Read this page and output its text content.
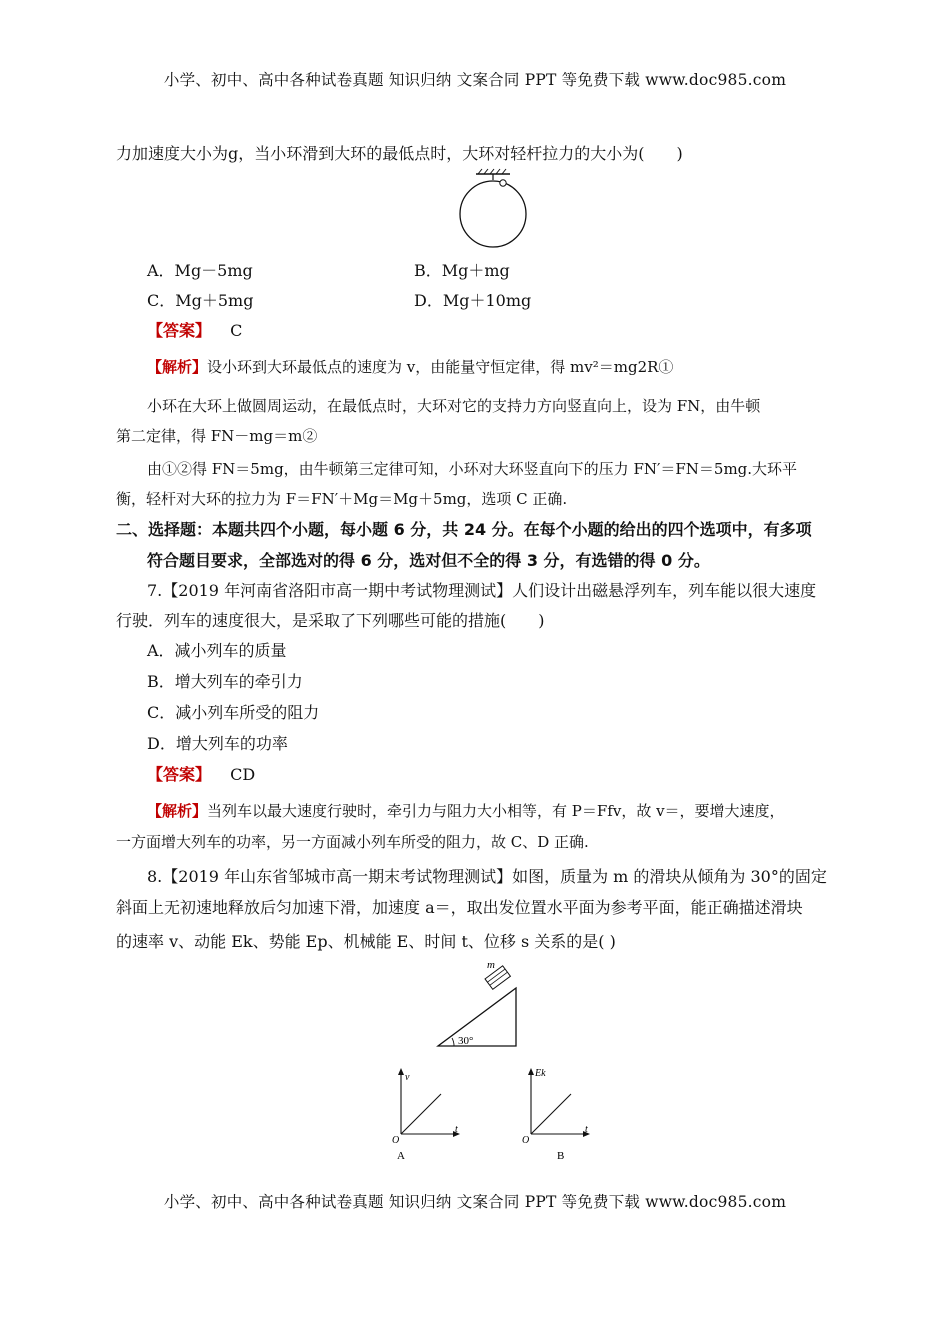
小学、初中、高中各种试卷真题 知识归纳 文案合同 PPT 等免费下载 www.doc985.com
力加速度大小为g，当小环滑到大环的最低点时，大环对轻杆拉力的大小为(　　)
A．Mg－5mg	B．Mg＋mg
C．Mg＋5mg	D．Mg＋10mg
【答案】 C
【解析】设小环到大环最低点的速度为 v，由能量守恒定律，得 mv²＝mg2R①
小环在大环上做圆周运动，在最低点时，大环对它的支持力方向竖直向上，设为 FN，由牛顿
第二定律，得 FN－mg＝m②
由①②得 FN＝5mg，由牛顿第三定律可知，小环对大环竖直向下的压力 FN′＝FN＝5mg.大环平
衡，轻杆对大环的拉力为 F＝FN′＋Mg＝Mg＋5mg，选项 C 正确.
二、选择题：本题共四个小题，每小题 6 分，共 24 分。在每个小题的给出的四个选项中，有多项
符合题目要求，全部选对的得 6 分，选对但不全的得 3 分，有选错的得 0 分。
7.【2019 年河南省洛阳市高一期中考试物理测试】人们设计出磁悬浮列车，列车能以很大速度
行驶．列车的速度很大，是采取了下列哪些可能的措施(　　)
A．减小列车的质量
B．增大列车的牵引力
C．减小列车所受的阻力
D．增大列车的功率
【答案】 CD
【解析】当列车以最大速度行驶时，牵引力与阻力大小相等，有 P＝Ffv，故 v＝，要增大速度，
一方面增大列车的功率，另一方面减小列车所受的阻力，故 C、D 正确.
8.【2019 年山东省邹城市高一期末考试物理测试】如图，质量为 m 的滑块从倾角为 30°的固定
斜面上无初速地释放后匀加速下滑，加速度 a＝，取出发位置水平面为参考平面，能正确描述滑块
的速率 v、动能 Ek、势能 Ep、机械能 E、时间 t、位移 s 关系的是( )
m
30°
v
t
O
A
Ek
t
O
B
小学、初中、高中各种试卷真题 知识归纳 文案合同 PPT 等免费下载 www.doc985.com
